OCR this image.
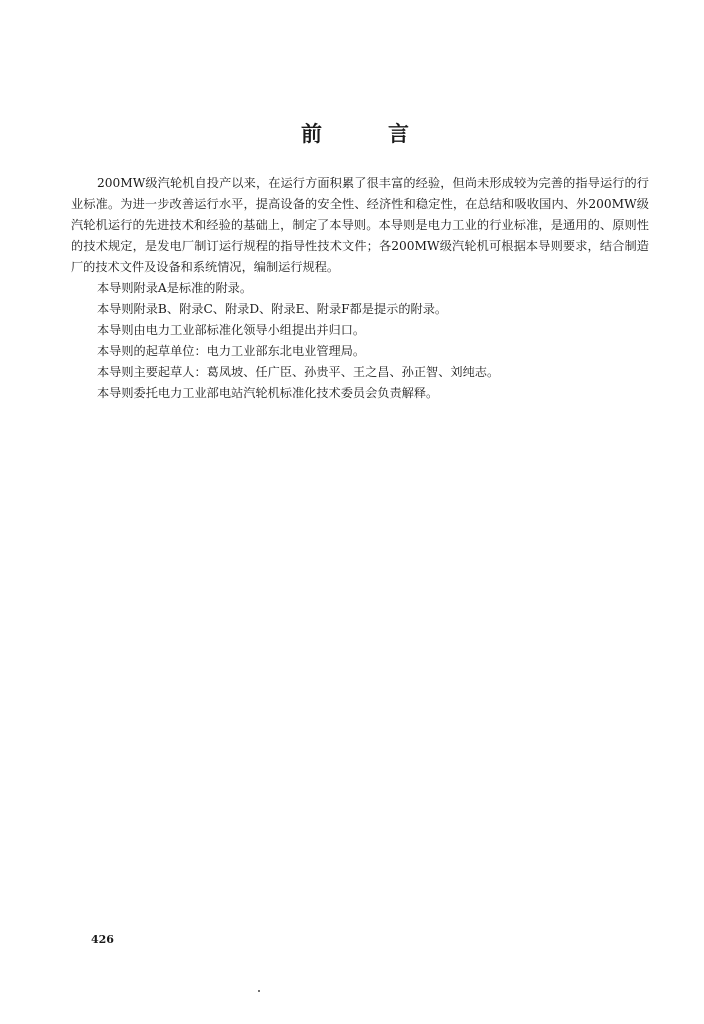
前	言

200MW级汽轮机自投产以来，在运行方面积累了很丰富的经验，但尚未形成较为完善的指导运行的行业标准。为进一步改善运行水平，提高设备的安全性、经济性和稳定性，在总结和吸收国内、外200MW级汽轮机运行的先进技术和经验的基础上，制定了本导则。本导则是电力工业的行业标准，是通用的、原则性的技术规定，是发电厂制订运行规程的指导性技术文件；各200MW级汽轮机可根据本导则要求，结合制造厂的技术文件及设备和系统情况，编制运行规程。

本导则附录A是标准的附录。

本导则附录B、附录C、附录D、附录E、附录F都是提示的附录。

本导则由电力工业部标准化领导小组提出并归口。

本导则的起草单位：电力工业部东北电业管理局。

本导则主要起草人：葛凤坡、任广臣、孙贵平、王之昌、孙正智、刘纯志。

本导则委托电力工业部电站汽轮机标准化技术委员会负责解释。

426
